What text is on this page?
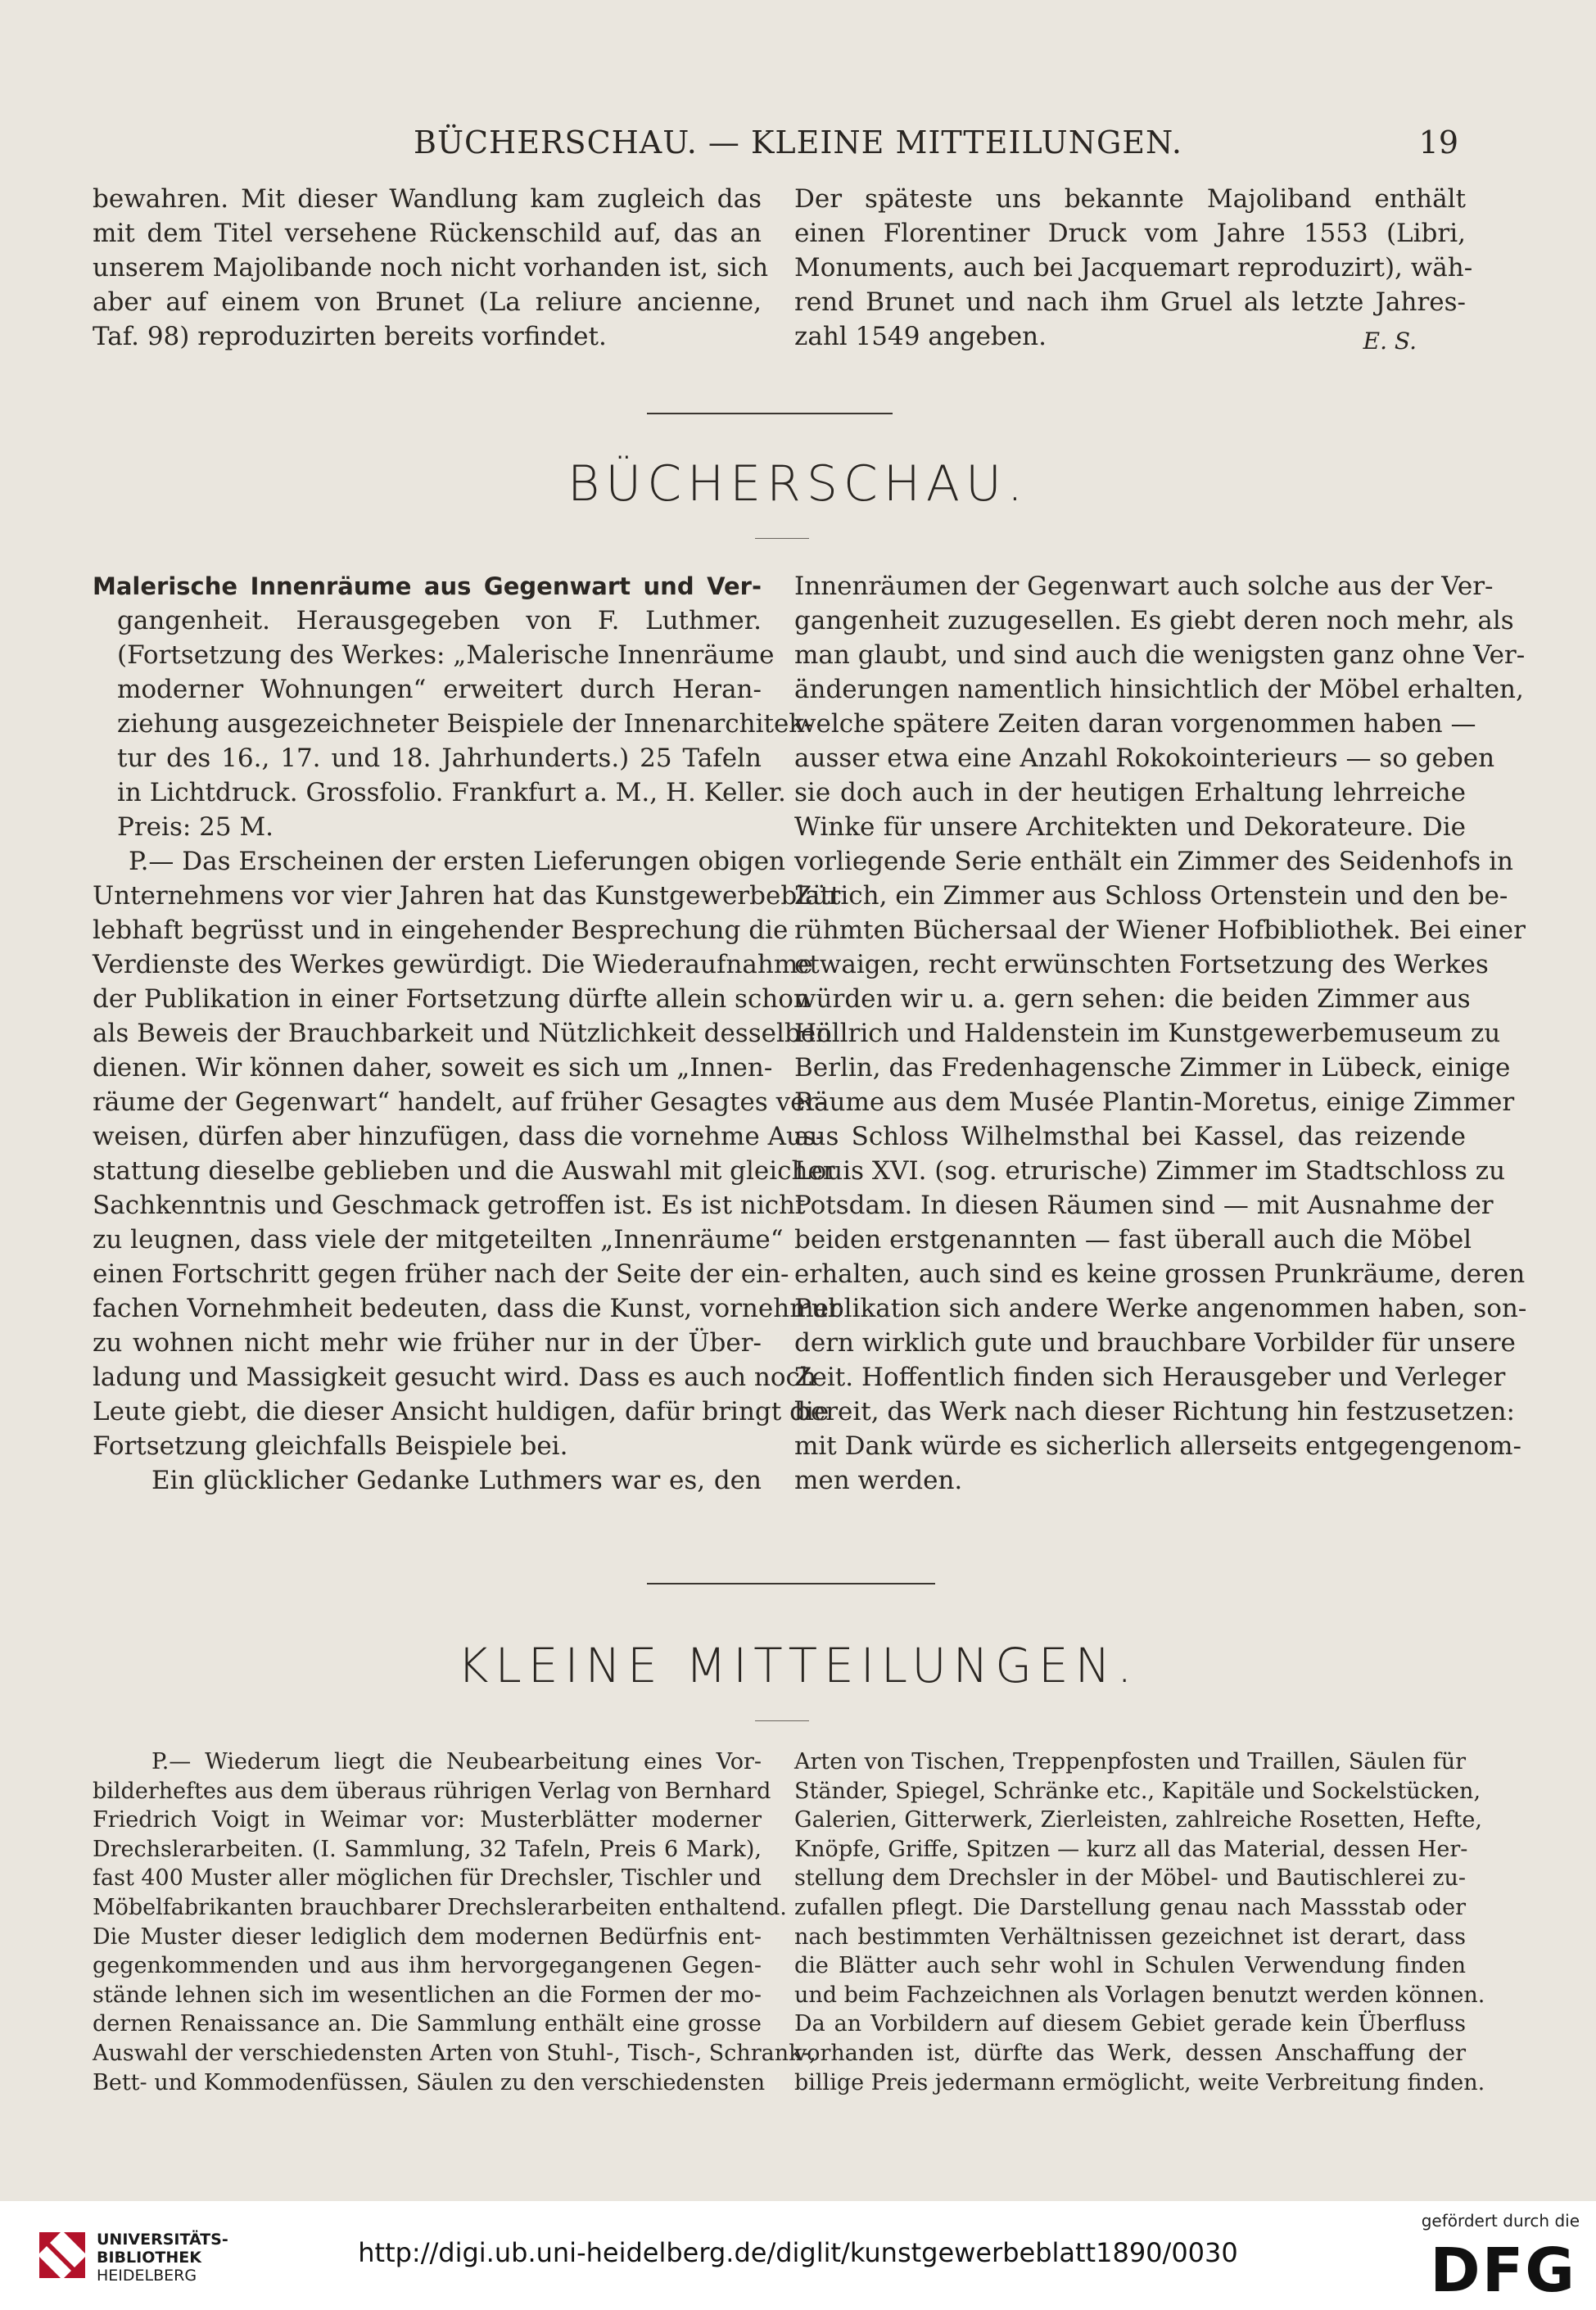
BÜCHERSCHAU. — KLEINE MITTEILUNGEN.	19

bewahren. Mit dieser Wandlung kam zugleich das

mit dem Titel versehene Rückenschild auf, das an

unserem Majolibande noch nicht vorhanden ist, sich

aber auf einem von Brunet (La reliure ancienne,

Taf. 98) reproduzirten bereits vorfindet.

Der späteste uns bekannte Majoliband enthält

einen Florentiner Druck vom Jahre 1553 (Libri,

Monuments, auch bei Jacquemart reproduzirt), wäh-

rend Brunet und nach ihm Gruel als letzte Jahres-

zahl 1549 angeben.	E. S.

BÜCHERSCHAU.

Malerische Innenräume aus Gegenwart und Ver-

gangenheit. Herausgegeben von F. Luthmer.

(Fortsetzung des Werkes: „Malerische Innenräume

moderner Wohnungen“ erweitert durch Heran-

ziehung ausgezeichneter Beispiele der Innenarchitek-

tur des 16., 17. und 18. Jahrhunderts.) 25 Tafeln

in Lichtdruck. Grossfolio. Frankfurt a. M., H. Keller.

Preis: 25 M.

P.— Das Erscheinen der ersten Lieferungen obigen

Unternehmens vor vier Jahren hat das Kunstgewerbeblatt

lebhaft begrüsst und in eingehender Besprechung die

Verdienste des Werkes gewürdigt. Die Wiederaufnahme

der Publikation in einer Fortsetzung dürfte allein schon

als Beweis der Brauchbarkeit und Nützlichkeit desselben

dienen. Wir können daher, soweit es sich um „Innen-

räume der Gegenwart“ handelt, auf früher Gesagtes ver-

weisen, dürfen aber hinzufügen, dass die vornehme Aus-

stattung dieselbe geblieben und die Auswahl mit gleicher

Sachkenntnis und Geschmack getroffen ist. Es ist nicht

zu leugnen, dass viele der mitgeteilten „Innenräume“

einen Fortschritt gegen früher nach der Seite der ein-

fachen Vornehmheit bedeuten, dass die Kunst, vornehmer

zu wohnen nicht mehr wie früher nur in der Über-

ladung und Massigkeit gesucht wird. Dass es auch noch

Leute giebt, die dieser Ansicht huldigen, dafür bringt die

Fortsetzung gleichfalls Beispiele bei.

Ein glücklicher Gedanke Luthmers war es, den

Innenräumen der Gegenwart auch solche aus der Ver-

gangenheit zuzugesellen. Es giebt deren noch mehr, als

man glaubt, und sind auch die wenigsten ganz ohne Ver-

änderungen namentlich hinsichtlich der Möbel erhalten,

welche spätere Zeiten daran vorgenommen haben —

ausser etwa eine Anzahl Rokokointerieurs — so geben

sie doch auch in der heutigen Erhaltung lehrreiche

Winke für unsere Architekten und Dekorateure. Die

vorliegende Serie enthält ein Zimmer des Seidenhofs in

Zürich, ein Zimmer aus Schloss Ortenstein und den be-

rühmten Büchersaal der Wiener Hofbibliothek. Bei einer

etwaigen, recht erwünschten Fortsetzung des Werkes

würden wir u. a. gern sehen: die beiden Zimmer aus

Höllrich und Haldenstein im Kunstgewerbemuseum zu

Berlin, das Fredenhagensche Zimmer in Lübeck, einige

Räume aus dem Musée Plantin-Moretus, einige Zimmer

aus Schloss Wilhelmsthal bei Kassel, das reizende

Louis XVI. (sog. etrurische) Zimmer im Stadtschloss zu

Potsdam. In diesen Räumen sind — mit Ausnahme der

beiden erstgenannten — fast überall auch die Möbel

erhalten, auch sind es keine grossen Prunkräume, deren

Publikation sich andere Werke angenommen haben, son-

dern wirklich gute und brauchbare Vorbilder für unsere

Zeit. Hoffentlich finden sich Herausgeber und Verleger

bereit, das Werk nach dieser Richtung hin festzusetzen:

mit Dank würde es sicherlich allerseits entgegengenom-

men werden.

KLEINE MITTEILUNGEN.

P.— Wiederum liegt die Neubearbeitung eines Vor-

bilderheftes aus dem überaus rührigen Verlag von Bernhard

Friedrich Voigt in Weimar vor: Musterblätter moderner

Drechslerarbeiten. (I. Sammlung, 32 Tafeln, Preis 6 Mark),

fast 400 Muster aller möglichen für Drechsler, Tischler und

Möbelfabrikanten brauchbarer Drechslerarbeiten enthaltend.

Die Muster dieser lediglich dem modernen Bedürfnis ent-

gegenkommenden und aus ihm hervorgegangenen Gegen-

stände lehnen sich im wesentlichen an die Formen der mo-

dernen Renaissance an. Die Sammlung enthält eine grosse

Auswahl der verschiedensten Arten von Stuhl-, Tisch-, Schrank-,

Bett- und Kommodenfüssen, Säulen zu den verschiedensten

Arten von Tischen, Treppenpfosten und Traillen, Säulen für

Ständer, Spiegel, Schränke etc., Kapitäle und Sockelstücken,

Galerien, Gitterwerk, Zierleisten, zahlreiche Rosetten, Hefte,

Knöpfe, Griffe, Spitzen — kurz all das Material, dessen Her-

stellung dem Drechsler in der Möbel- und Bautischlerei zu-

zufallen pflegt. Die Darstellung genau nach Massstab oder

nach bestimmten Verhältnissen gezeichnet ist derart, dass

die Blätter auch sehr wohl in Schulen Verwendung finden

und beim Fachzeichnen als Vorlagen benutzt werden können.

Da an Vorbildern auf diesem Gebiet gerade kein Überfluss

vorhanden ist, dürfte das Werk, dessen Anschaffung der

billige Preis jedermann ermöglicht, weite Verbreitung finden.

UNIVERSITÄTS-
BIBLIOTHEK
HEIDELBERG
http://digi.ub.uni-heidelberg.de/diglit/kunstgewerbeblatt1890/0030
gefördert durch die
DFG
